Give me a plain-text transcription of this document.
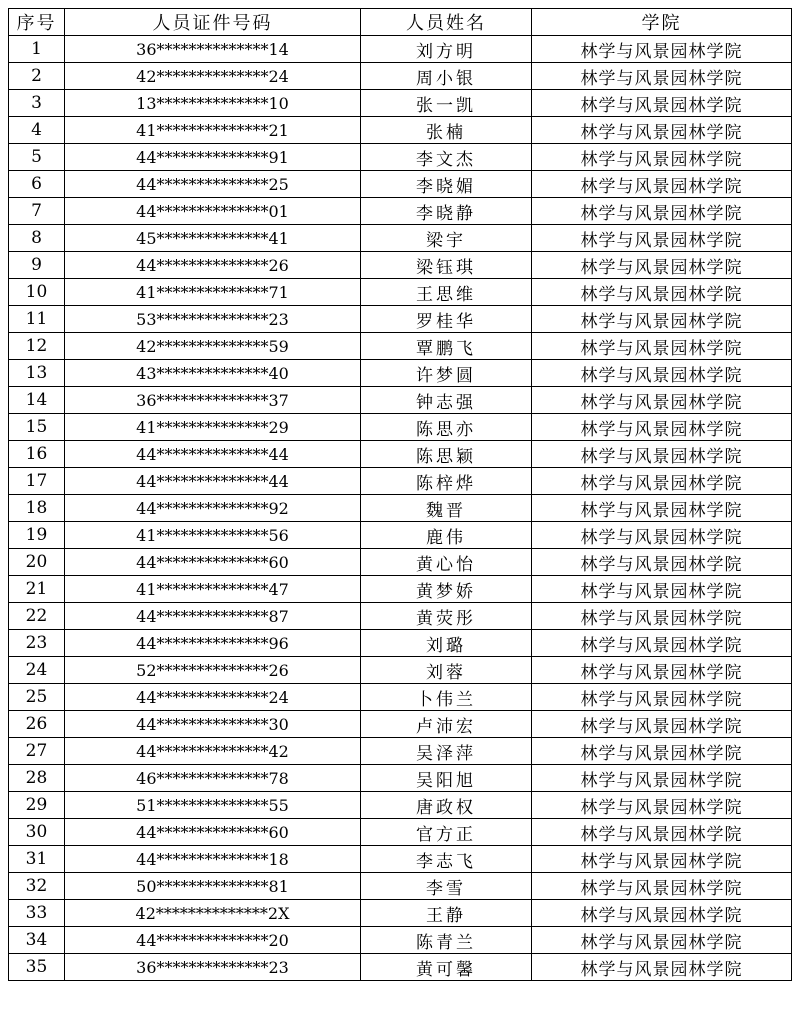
序号	人员证件号码	人员姓名	学院
1	36**************14	刘方明	林学与风景园林学院
2	42**************24	周小银	林学与风景园林学院
3	13**************10	张一凯	林学与风景园林学院
4	41**************21	张楠	林学与风景园林学院
5	44**************91	李文杰	林学与风景园林学院
6	44**************25	李晓媚	林学与风景园林学院
7	44**************01	李晓静	林学与风景园林学院
8	45**************41	梁宇	林学与风景园林学院
9	44**************26	梁钰琪	林学与风景园林学院
10	41**************71	王思维	林学与风景园林学院
11	53**************23	罗桂华	林学与风景园林学院
12	42**************59	覃鹏飞	林学与风景园林学院
13	43**************40	许梦圆	林学与风景园林学院
14	36**************37	钟志强	林学与风景园林学院
15	41**************29	陈思亦	林学与风景园林学院
16	44**************44	陈思颖	林学与风景园林学院
17	44**************44	陈梓烨	林学与风景园林学院
18	44**************92	魏晋	林学与风景园林学院
19	41**************56	鹿伟	林学与风景园林学院
20	44**************60	黄心怡	林学与风景园林学院
21	41**************47	黄梦娇	林学与风景园林学院
22	44**************87	黄荧彤	林学与风景园林学院
23	44**************96	刘璐	林学与风景园林学院
24	52**************26	刘蓉	林学与风景园林学院
25	44**************24	卜伟兰	林学与风景园林学院
26	44**************30	卢沛宏	林学与风景园林学院
27	44**************42	吴泽萍	林学与风景园林学院
28	46**************78	吴阳旭	林学与风景园林学院
29	51**************55	唐政权	林学与风景园林学院
30	44**************60	官方正	林学与风景园林学院
31	44**************18	李志飞	林学与风景园林学院
32	50**************81	李雪	林学与风景园林学院
33	42**************2X	王静	林学与风景园林学院
34	44**************20	陈青兰	林学与风景园林学院
35	36**************23	黄可馨	林学与风景园林学院
